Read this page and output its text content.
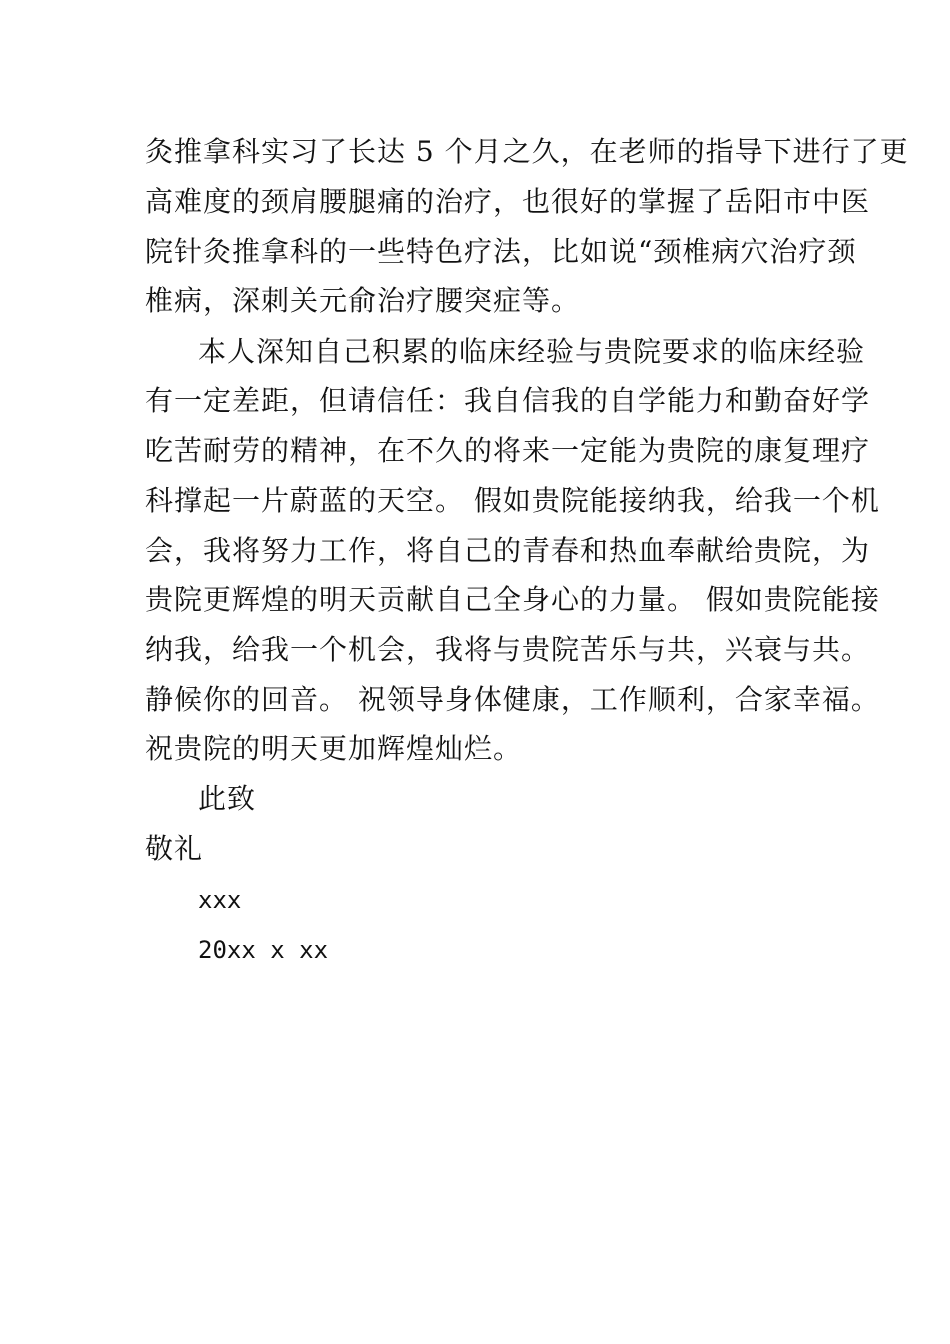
灸推拿科实习了长达 5 个月之久，在老师的指导下进行了更
高难度的颈肩腰腿痛的治疗，也很好的掌握了岳阳市中医
院针灸推拿科的一些特色疗法，比如说“颈椎病穴治疗颈
椎病，深刺关元俞治疗腰突症等。
本人深知自己积累的临床经验与贵院要求的临床经验
有一定差距，但请信任：我自信我的自学能力和勤奋好学
吃苦耐劳的精神，在不久的将来一定能为贵院的康复理疗
科撑起一片蔚蓝的天空。 假如贵院能接纳我，给我一个机
会，我将努力工作，将自己的青春和热血奉献给贵院，为
贵院更辉煌的明天贡献自己全身心的力量。 假如贵院能接
纳我，给我一个机会，我将与贵院苦乐与共，兴衰与共。
静候你的回音。 祝领导身体健康，工作顺利，合家幸福。
祝贵院的明天更加辉煌灿烂。
此致
敬礼
xxx
20xx x xx
